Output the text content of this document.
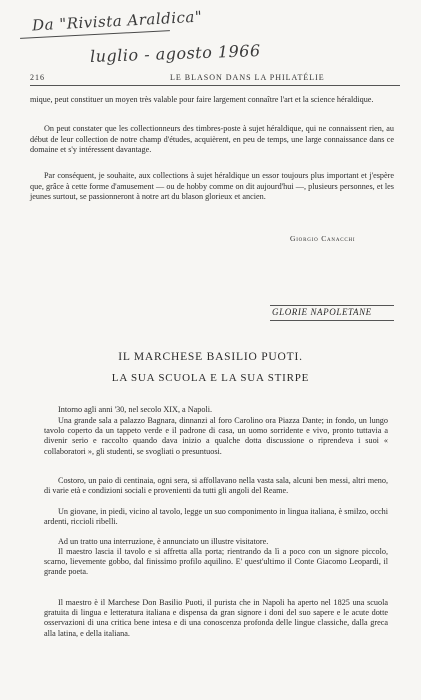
Da "Rivista Araldica"
luglio - agosto 1966
216	LE BLASON DANS LA PHILATÉLIE
mique, peut constituer un moyen très valable pour faire largement connaître l'art et la science héraldique.
On peut constater que les collectionneurs des timbres-poste à sujet héraldique, qui ne connaissent rien, au début de leur collection de notre champ d'études, acquièrent, en peu de temps, une large connaissance dans ce domaine et s'y intéressent davantage.
Par conséquent, je souhaite, aux collections à sujet héraldique un essor toujours plus important et j'espère que, grâce à cette forme d'amusement — ou de hobby comme on dit aujourd'hui —, plusieurs personnes, et les jeunes surtout, se passionneront à notre art du blason glorieux et ancien.
Giorgio Canacchi
GLORIE NAPOLETANE
IL MARCHESE BASILIO PUOTI.
LA SUA SCUOLA E LA SUA STIRPE
Intorno agli anni '30, nel secolo XIX, a Napoli.
Una grande sala a palazzo Bagnara, dinnanzi al foro Carolino ora Piazza Dante; in fondo, un lungo tavolo coperto da un tappeto verde e il padrone di casa, un uomo sorridente e vivo, pronto tuttavia a divenir serio e raccolto quando dava inizio a qualche dotta discussione o riprendeva i suoi « collaboratori », gli studenti, se svogliati o presuntuosi.
Costoro, un paio di centinaia, ogni sera, si affollavano nella vasta sala, alcuni ben messi, altri meno, di varie età e condizioni sociali e provenienti da tutti gli angoli del Reame.
Un giovane, in piedi, vicino al tavolo, legge un suo componimento in lingua italiana, è smilzo, occhi ardenti, riccioli ribelli.
Ad un tratto una interruzione, è annunciato un illustre visitatore.
Il maestro lascia il tavolo e si affretta alla porta; rientrando da lì a poco con un signore piccolo, scarno, lievemente gobbo, dal finissimo profilo aquilino. E' quest'ultimo il Conte Giacomo Leopardi, il grande poeta.
Il maestro è il Marchese Don Basilio Puoti, il purista che in Napoli ha aperto nel 1825 una scuola gratuita di lingua e letteratura italiana e dispensa da gran signore i doni del suo sapere e le acute dotte osservazioni di una critica bene intesa e di una conoscenza profonda delle lingue classiche, dalla greca alla latina, e della italiana.
